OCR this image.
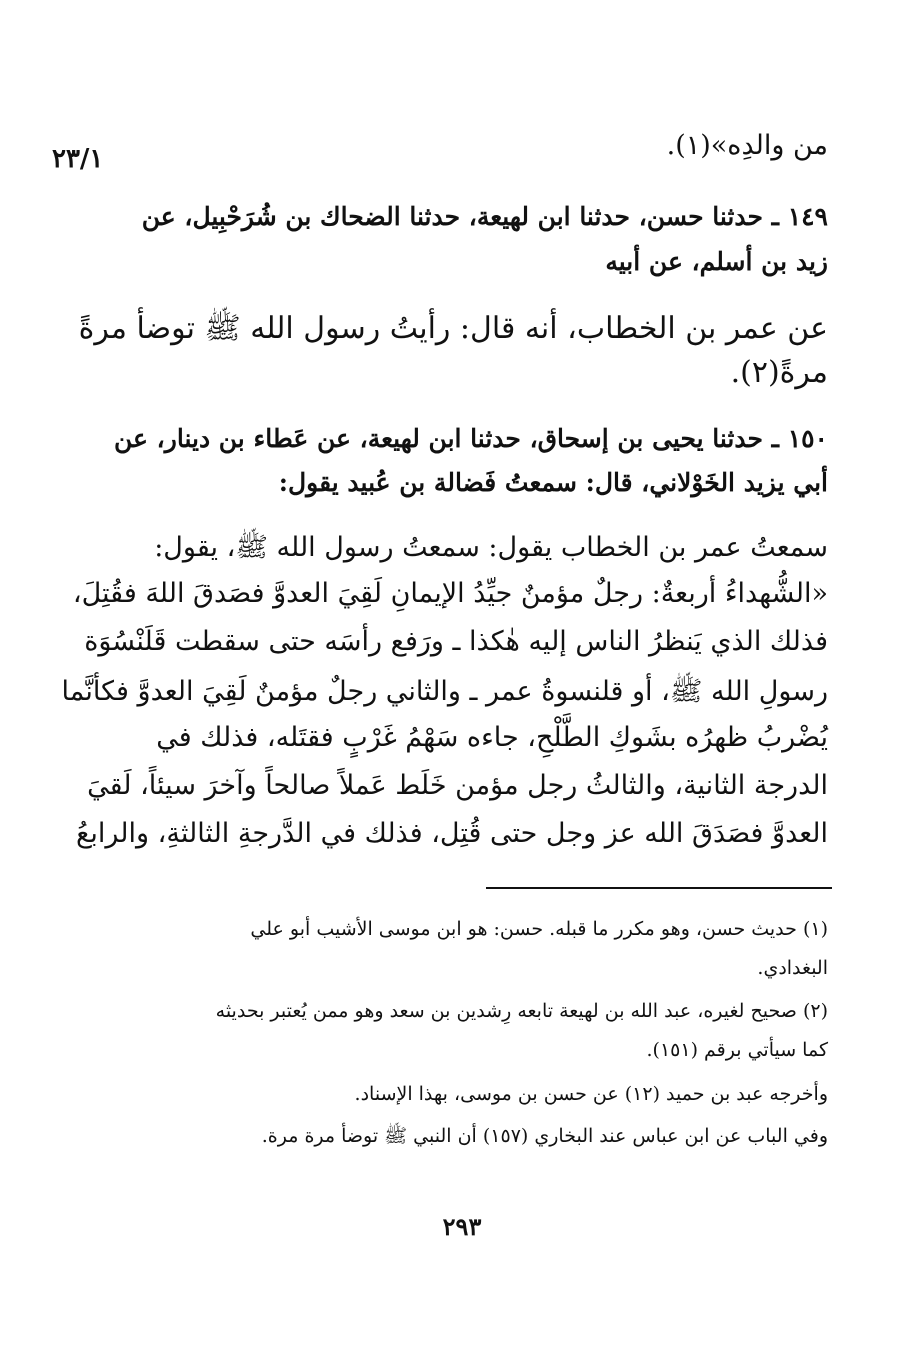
٢٣/١	من والدِه»(١).
١٤٩ ـ حدثنا حسن، حدثنا ابن لهيعة، حدثنا الضحاك بن شُرَحْبِيل، عن
زيد بن أسلم، عن أبيه
عن عمر بن الخطاب، أنه قال: رأيتُ رسول الله ﷺ توضأ مرةً
مرةً(٢).
١٥٠ ـ حدثنا يحيى بن إسحاق، حدثنا ابن لهيعة، عن عَطاء بن دينار، عن
أبي يزيد الخَوْلاني، قال: سمعتُ فَضالة بن عُبيد يقول:
سمعتُ عمر بن الخطاب يقول: سمعتُ رسول الله ﷺ، يقول:
«الشُّهداءُ أربعةٌ: رجلٌ مؤمنٌ جيِّدُ الإيمانِ لَقِيَ العدوَّ فصَدقَ اللهَ فقُتِلَ،
فذلك الذي يَنظرُ الناس إليه هٰكذا ـ ورَفع رأسَه حتى سقطت قَلَنْسُوَة
رسولِ الله ﷺ، أو قلنسوةُ عمر ـ والثاني رجلٌ مؤمنٌ لَقِيَ العدوَّ فكأنَّما
يُضْربُ ظهرُه بشَوكِ الطَّلْحِ، جاءه سَهْمُ غَرْبٍ فقتَله، فذلك في
الدرجة الثانية، والثالثُ رجل مؤمن خَلَط عَملاً صالحاً وآخرَ سيئاً، لَقيَ
العدوَّ فصَدَقَ الله عز وجل حتى قُتِل، فذلك في الدَّرجةِ الثالثةِ، والرابعُ
(١) حديث حسن، وهو مكرر ما قبله. حسن: هو ابن موسى الأشيب أبو علي
البغدادي.
(٢) صحيح لغيره، عبد الله بن لهيعة تابعه رِشدين بن سعد وهو ممن يُعتبر بحديثه
كما سيأتي برقم (١٥١).
وأخرجه عبد بن حميد (١٢) عن حسن بن موسى، بهذا الإسناد.
وفي الباب عن ابن عباس عند البخاري (١٥٧) أن النبي ﷺ توضأ مرة مرة.
٢٩٣
